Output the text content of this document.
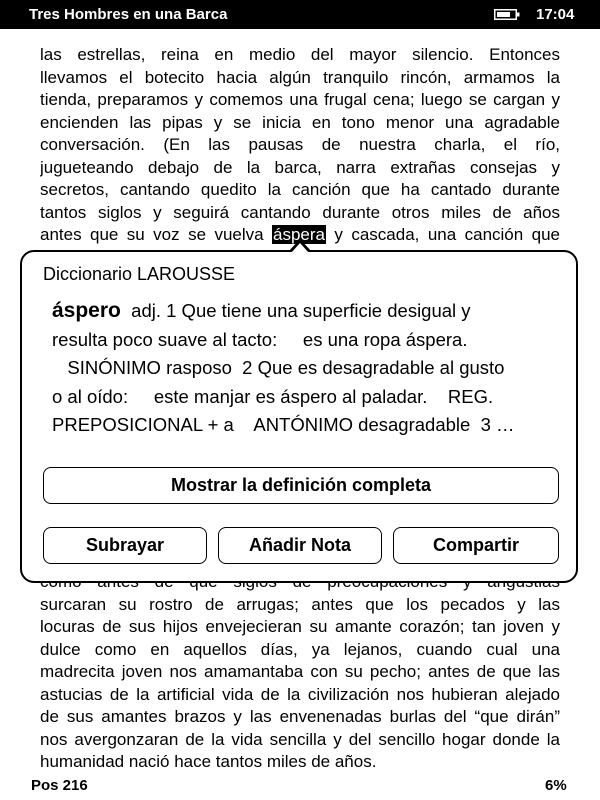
Tres Hombres en una Barca	17:04
las estrellas, reina en medio del mayor silencio. Entonces
llevamos el botecito hacia algún tranquilo rincón, armamos la
tienda, preparamos y comemos una frugal cena; luego se cargan y
encienden las pipas y se inicia en tono menor una agradable
conversación. (En las pausas de nuestra charla, el río,
jugueteando debajo de la barca, narra extrañas consejas y
secretos, cantando quedito la canción que ha cantado durante
tantos siglos y seguirá cantando durante otros miles de años
antes que su voz se vuelva áspera y cascada, una canción que
surcaran su rostro de arrugas; antes que los pecados y las
locuras de sus hijos envejecieran su amante corazón; tan joven y
dulce como en aquellos días, ya lejanos, cuando cual una
madrecita joven nos amamantaba con su pecho; antes de que las
astucias de la artificial vida de la civilización nos hubieran alejado
de sus amantes brazos y las envenenadas burlas del “que dirán”
nos avergonzaran de la vida sencilla y del sencillo hogar donde la
humanidad nació hace tantos miles de años.
Diccionario LAROUSSE
áspero  adj. 1 Que tiene una superficie desigual y
resulta poco suave al tacto:     es una ropa áspera.
SINÓNIMO rasposo  2 Que es desagradable al gusto
o al oído:     este manjar es áspero al paladar.    REG.
PREPOSICIONAL + a    ANTÓNIMO desagradable  3 …
Mostrar la definición completa
Subrayar	Añadir Nota	Compartir
Pos 216	6%
